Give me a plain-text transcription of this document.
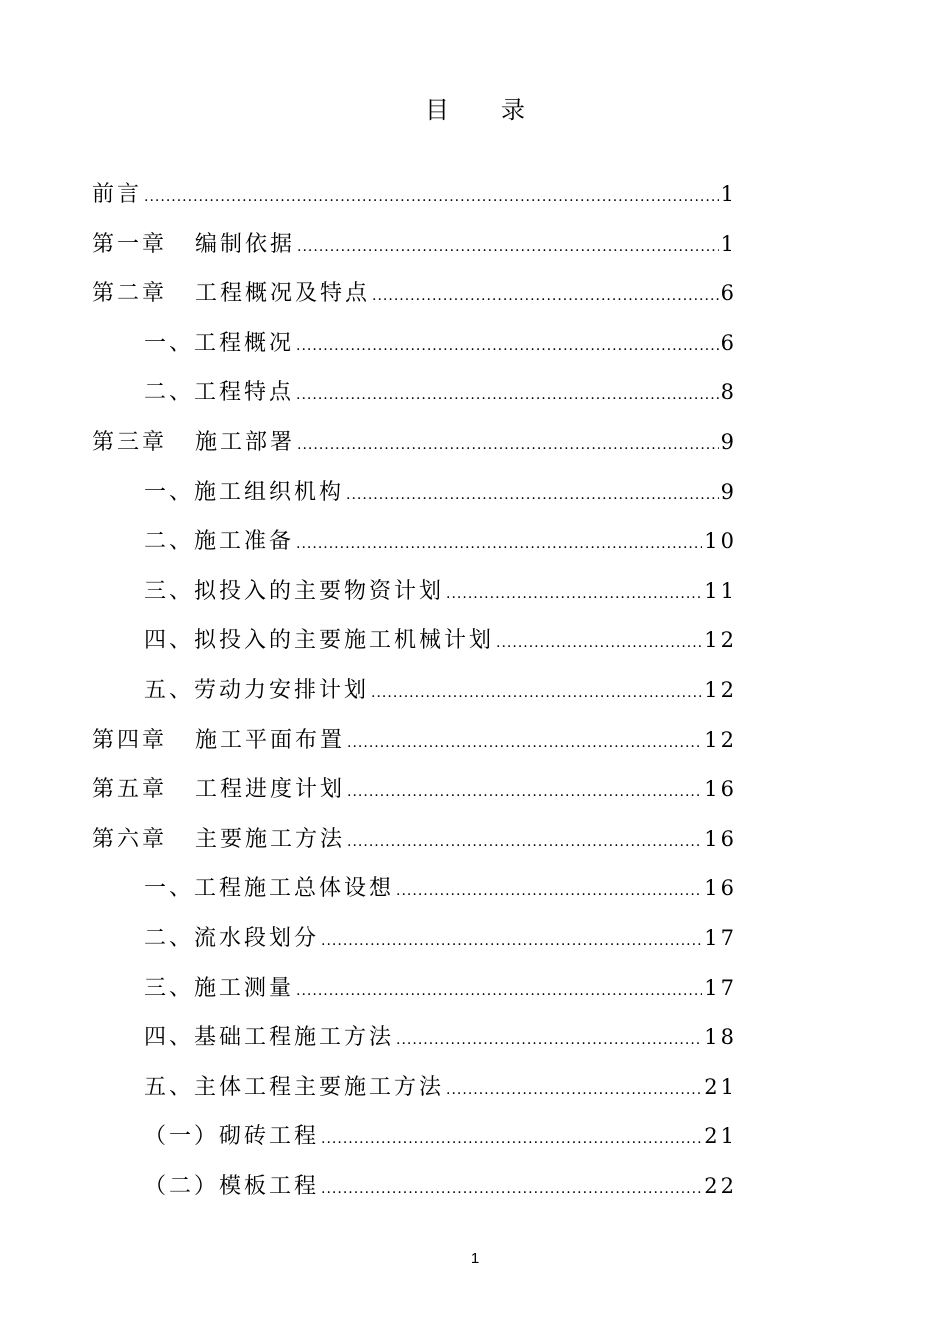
目 录
前言 .....	1
第一章 编制依据 .....	1
第二章 工程概况及特点 .....	6
一、工程概况 .....	6
二、工程特点 .....	8
第三章 施工部署 .....	9
一、施工组织机构 .....	9
二、施工准备 .....	10
三、拟投入的主要物资计划 .....	11
四、拟投入的主要施工机械计划 .....	12
五、劳动力安排计划 .....	12
第四章 施工平面布置 .....	12
第五章 工程进度计划 .....	16
第六章 主要施工方法 .....	16
一、工程施工总体设想 .....	16
二、流水段划分 .....	17
三、施工测量 .....	17
四、基础工程施工方法 .....	18
五、主体工程主要施工方法 .....	21
（一）砌砖工程 .....	21
（二）模板工程 .....	22
1
